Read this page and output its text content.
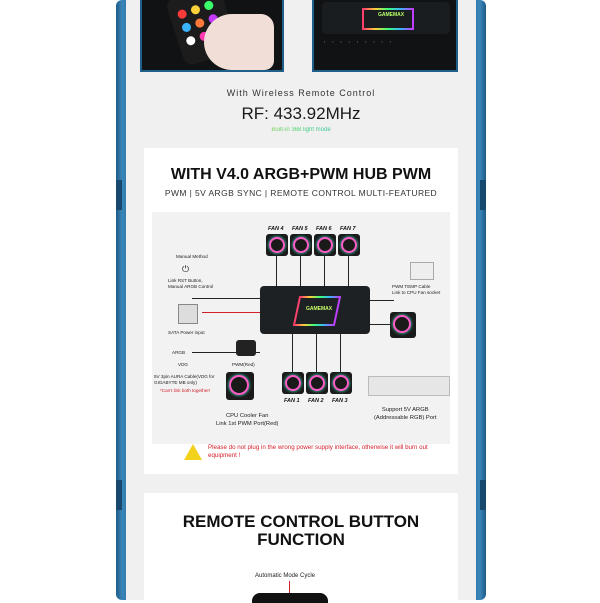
GAMEMAX
▪ ▪ ▪ ▪ ▪ ▪ ▪ ▪ ▪
With Wireless Remote Control
RF: 433.92MHz
Built-in 368 light mode
WITH V4.0 ARGB+PWM HUB PWM
PWM | 5V ARGB SYNC | REMOTE CONTROL MULTI-FEATURED
FAN 4 FAN 5 FAN 6 FAN 7
GAMEMAX
Manual Method
⏻
Link RST Button,
Manual ARGB Control
SATA Power input
ARGB
VDG
5V 3pin AURA Cable(VDG for
GIGABYTE MB only)
*Can't link both together!
PWM(Red)
CPU Cooler Fan
Link 1st PWM Port(Red)
FAN 1 FAN 2 FAN 3
PWM TEMP Cable
Link to CPU Fan socket
Support 5V ARGB
(Addressable RGB) Port
Please do not plug in the wrong power supply interface, otherwise it will burn out equipment !
REMOTE CONTROL BUTTON FUNCTION
Automatic Mode Cycle
